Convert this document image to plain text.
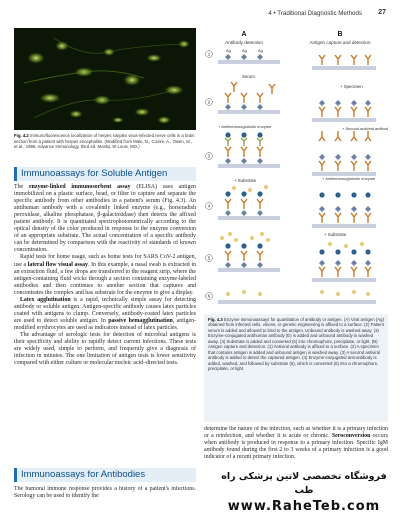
4 • Traditional Diagnostic Methods 27
Fig. 4.2 Immunofluorescence localization of herpes simplex virus-infected nerve cells in a brain section from a patient with herpes encephalitis. (Modified from Male, D., Cooke, A., Owen, M., et al., 1996. Advance Immunology, third ed. Mosby, St Louis, MO.)
Immunoassays for Soluble Antigen

The enzyme-linked immunosorbent assay (ELISA) uses antigen immobilized on a plastic surface, bead, or filter to capture and separate the specific antibody from other antibodies in a patient's serum (Fig. 4.3). An antihuman antibody with a covalently linked enzyme (e.g., horseradish peroxidase, alkaline phosphatase, β-galactosidase) then detects the affixed patient antibody. It is quantitated spectrophotometrically according to the optical density of the color produced in response to the enzyme conversion of an appropriate substrate. The actual concentration of a specific antibody can be determined by comparison with the reactivity of standards of known concentration.

Rapid tests for home usage, such as home tests for SARS CoV-2 antigen, use a lateral flow visual assay. In this example, a nasal swab is extracted in an extraction fluid, a few drops are transferred to the reagent strip, where the antigen-containing fluid wicks through a section containing enzyme-labeled antibodies and then continues to another section that captures and concentrates the complex and has substrate for the enzyme to give a display.

Latex agglutination is a rapid, technically simple assay for detecting antibody or soluble antigen. Antigen-specific antibody causes latex particles coated with antigens to clump. Conversely, antibody-coated latex particles are used to detect soluble antigen. In passive hemagglutination, antigen-modified erythrocytes are used as indicators instead of latex particles.

The advantage of serologic tests for detection of microbial antigens is their specificity and ability to rapidly detect current infections. These tests are widely used, simple to perform, and frequently give a diagnosis of infection in minutes. The one limitation of antigen tests is lower sensitivity compared with either culture or molecular nucleic acid–directed tests.

Immunoassays for Antibodies

The humoral immune response provides a history of a patient's infections. Serology can be used to identify the

A
Antibody detection
B
Antigen capture and detection
1
2
3
4
5
6
Ag	Ag	Ag
Serum
+ Antiimmunoglobulin enzyme
+ Substrate
+ Specimen
+ Second antiviral antibody
+ Antiimmunoglobulin enzyme
+ Substrate
Fig. 4.3 Enzyme immunoassays for quantitation of antibody or antigen. (A) Viral antigen (Ag) obtained from infected cells, virions, or genetic engineering is affixed to a surface. (2) Patient serum is added and allowed to bind to the antigen. Unbound antibody is washed away. (3) Enzyme-conjugated antihuman antibody (E) is added and unbound antibody is washed away. (4) Substrate is added and converted (5) into chromophore, precipitate, or light. (B) Antigen capture and detection. (1) Antiviral antibody is affixed to a surface. (2) A specimen that contains antigen is added and unbound antigen is washed away. (3) A second antiviral antibody is added to detect the captured antigen. (4) Enzyme-conjugated anti-antibody is added, washed, and followed by substrate (5), which is converted (6) into a chromophore, precipitate, or light.
determine the nature of the infection, such as whether it is a primary infection or a reinfection, and whether it is acute or chronic. Seroconversion occurs when antibody is produced in response to a primary infection. Specific IgM antibody found during the first 2 to 3 weeks of a primary infection is a good indicator of a recent primary infection.
فروشگاه تخصصی لاتین پزشکی راه طب
www.RaheTeb.com
